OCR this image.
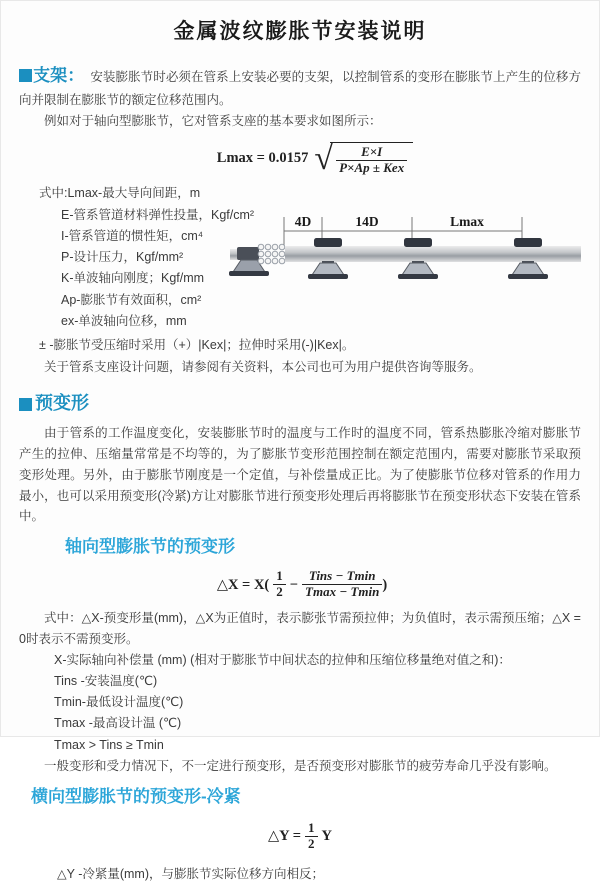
金属波纹膨胀节安装说明

支架： 安装膨胀节时必须在管系上安装必要的支架，以控制管系的变形在膨胀节上产生的位移方向并限制在膨胀节的额定位移范围内。

例如对于轴向型膨胀节，它对管系支座的基本要求如图所示：

Lmax = 0.0157 √ $\frac{E\times I}{\text{P×Ap ± Kex}}$
式中:Lmax-最大导向间距，m
E-管系管道材料弹性投量，Kgf/cm²
I-管系管道的惯性矩，cm⁴
P-设计压力，Kgf/mm²
K-单波轴向刚度；Kgf/mm
Ap-膨胀节有效面积，cm²
ex-单波轴向位移，mm
4D	14D	Lmax
± -膨胀节受压缩时采用（+）|Kex|；拉伸时采用(-)|Kex|。

关于管系支座设计问题，请参阅有关资料，本公司也可为用户提供咨询等服务。

预变形

由于管系的工作温度变化，安装膨胀节时的温度与工作时的温度不同，管系热膨胀冷缩对膨胀节产生的拉伸、压缩量常常是不均等的，为了膨胀节变形范围控制在额定范围内，需要对膨胀节采取预变形处理。另外，由于膨胀节刚度是一个定值，与补偿量成正比。为了使膨胀节位移对管系的作用力最小，也可以采用预变形(冷紧)方让对膨胀节进行预变形处理后再将膨胀节在预变形状态下安装在管系中。

轴向型膨胀节的预变形
△X = $X( \frac{1}{2} - \frac{\text{Tins − Tmin}}{Tmax - Tmin}$ )

式中：△X-预变形量(mm)，△X为正值时，表示膨张节需预拉伸；为负值时，表示需预压缩；△X = 0时表示不需预变形。

X-实际轴向补偿量 (mm) (相对于膨胀节中间状态的拉伸和压缩位移量绝对值之和)：
Tins -安装温度(℃)
Tmin-最低设计温度(℃)
Tmax -最高设计温 (℃)
Tmax > Tins ≥ Tmin

一般变形和受力情况下，不一定进行预变形，是否预变形对膨胀节的疲劳寿命几乎没有影响。

横向型膨胀节的预变形-冷紧
△Y = $\frac{1}{2}$ Y
△Y -冷紧量(mm)，与膨胀节实际位移方向相反；
